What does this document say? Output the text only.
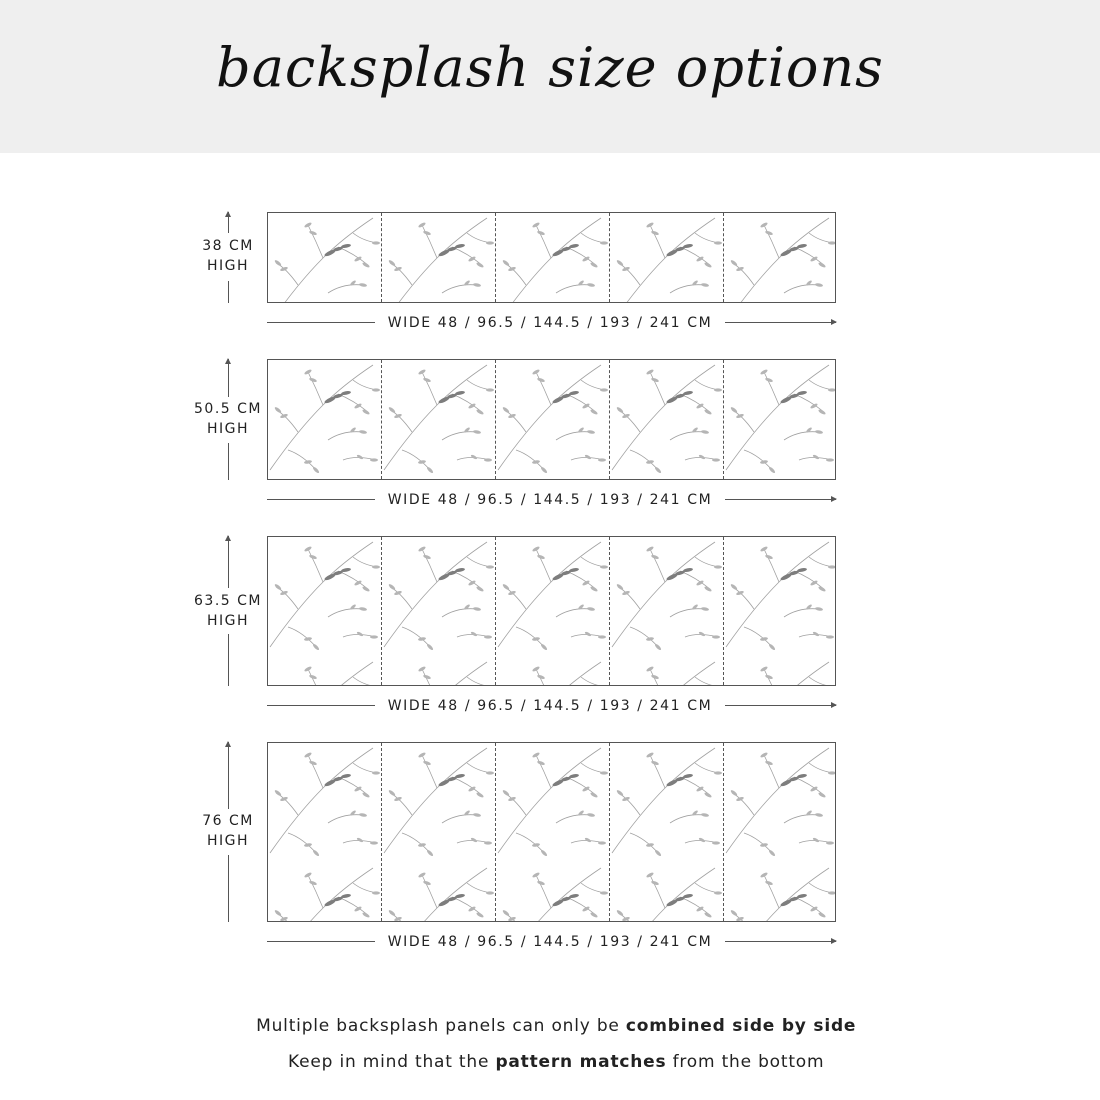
backsplash size options
38 CM
HIGH
WIDE 48 / 96.5 / 144.5 / 193 / 241 CM
50.5 CM
HIGH
WIDE 48 / 96.5 / 144.5 / 193 / 241 CM
63.5 CM
HIGH
WIDE 48 / 96.5 / 144.5 / 193 / 241 CM
76 CM
HIGH
WIDE 48 / 96.5 / 144.5 / 193 / 241 CM

Multiple backsplash panels can only be combined side by side

Keep in mind that the pattern matches from the bottom
